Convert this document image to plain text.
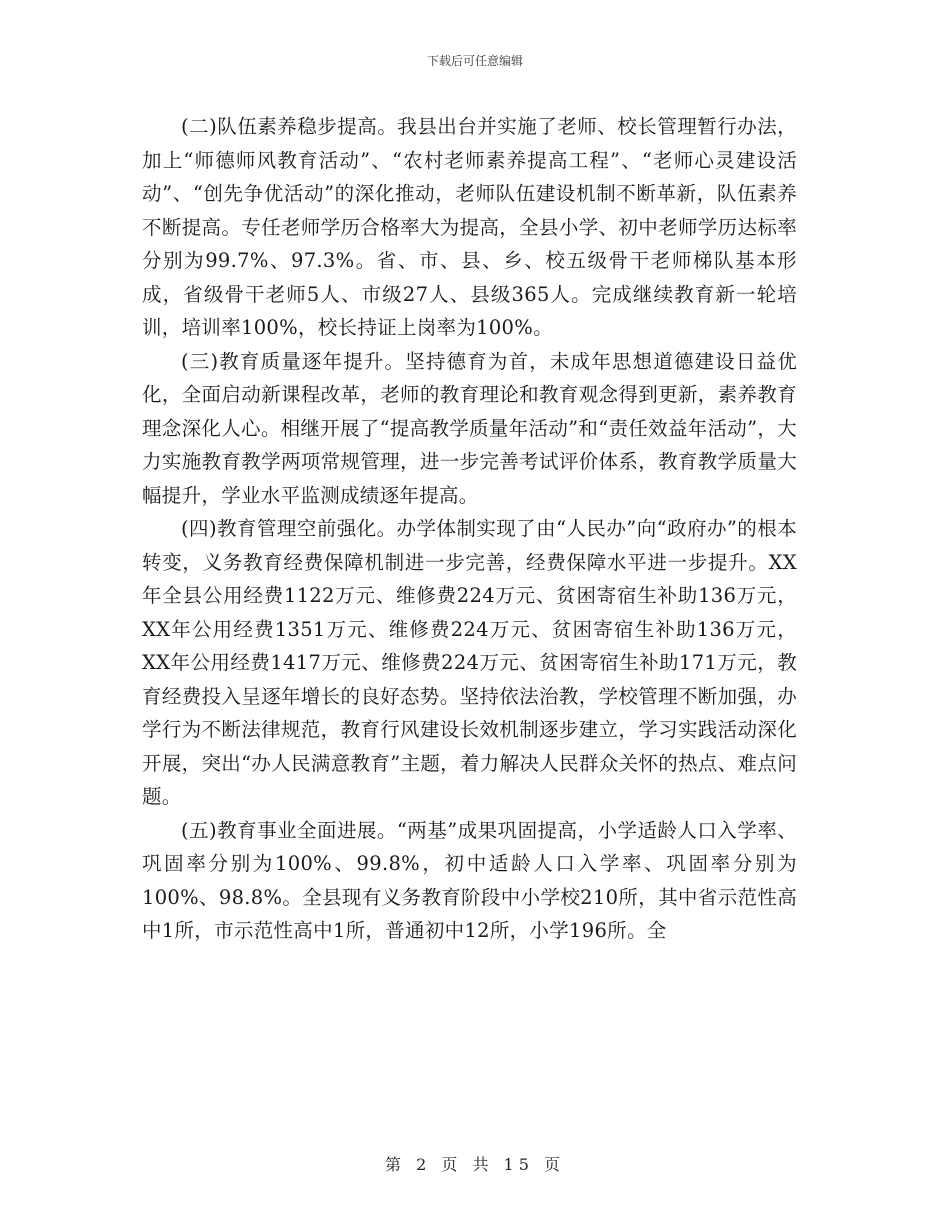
下载后可任意编辑

(二)队伍素养稳步提高。我县出台并实施了老师、校长管理暂行办法，加上“师德师风教育活动”、“农村老师素养提高工程”、“老师心灵建设活动”、“创先争优活动”的深化推动，老师队伍建设机制不断革新，队伍素养不断提高。专任老师学历合格率大为提高，全县小学、初中老师学历达标率分别为99.7%、97.3%。省、市、县、乡、校五级骨干老师梯队基本形成，省级骨干老师5人、市级27人、县级365人。完成继续教育新一轮培训，培训率100%，校长持证上岗率为100%。

(三)教育质量逐年提升。坚持德育为首，未成年思想道德建设日益优化，全面启动新课程改革，老师的教育理论和教育观念得到更新，素养教育理念深化人心。相继开展了“提高教学质量年活动”和“责任效益年活动”，大力实施教育教学两项常规管理，进一步完善考试评价体系，教育教学质量大幅提升，学业水平监测成绩逐年提高。

(四)教育管理空前强化。办学体制实现了由“人民办”向“政府办”的根本转变，义务教育经费保障机制进一步完善，经费保障水平进一步提升。XX年全县公用经费1122万元、维修费224万元、贫困寄宿生补助136万元，XX年公用经费1351万元、维修费224万元、贫困寄宿生补助136万元，XX年公用经费1417万元、维修费224万元、贫困寄宿生补助171万元，教育经费投入呈逐年增长的良好态势。坚持依法治教，学校管理不断加强，办学行为不断法律规范，教育行风建设长效机制逐步建立，学习实践活动深化开展，突出“办人民满意教育”主题，着力解决人民群众关怀的热点、难点问题。

(五)教育事业全面进展。“两基”成果巩固提高，小学适龄人口入学率、巩固率分别为100%、99.8%，初中适龄人口入学率、巩固率分别为100%、98.8%。全县现有义务教育阶段中小学校210所，其中省示范性高中1所，市示范性高中1所，普通初中12所，小学196所。全

第 2 页 共 15 页
